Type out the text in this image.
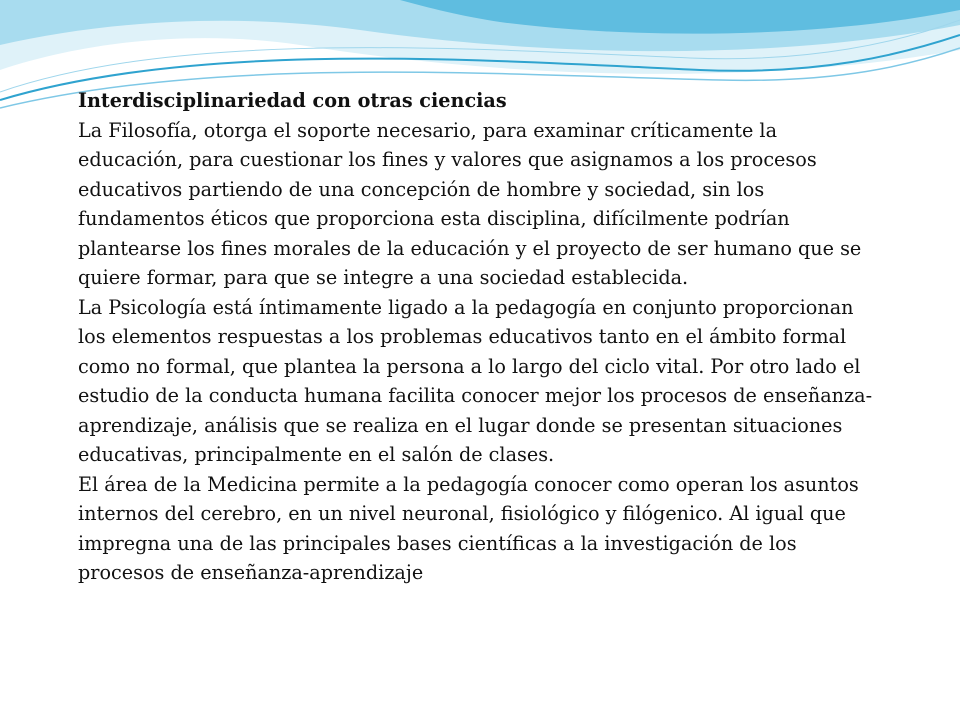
Interdisciplinariedad con otras ciencias

La Filosofía, otorga el soporte necesario, para examinar críticamente la educación, para cuestionar los fines y valores que asignamos a los procesos educativos partiendo de una concepción de hombre y sociedad, sin los fundamentos éticos que proporciona esta disciplina, difícilmente podrían plantearse los fines morales de la educación y el proyecto de ser humano que se quiere formar, para que se integre a una sociedad establecida.

La Psicología está íntimamente ligado a la pedagogía en conjunto proporcionan los elementos respuestas a los problemas educativos tanto en el ámbito formal como no formal, que plantea la persona a lo largo del ciclo vital. Por otro lado el estudio de la conducta humana facilita conocer mejor los procesos de enseñanza-aprendizaje, análisis que se realiza en el lugar donde se presentan situaciones educativas, principalmente en el salón de clases.

El área de la Medicina permite a la pedagogía conocer como operan los asuntos internos del cerebro, en un nivel neuronal, fisiológico y filógenico. Al igual que impregna una de las principales bases científicas a la investigación de los procesos de enseñanza-aprendizaje
